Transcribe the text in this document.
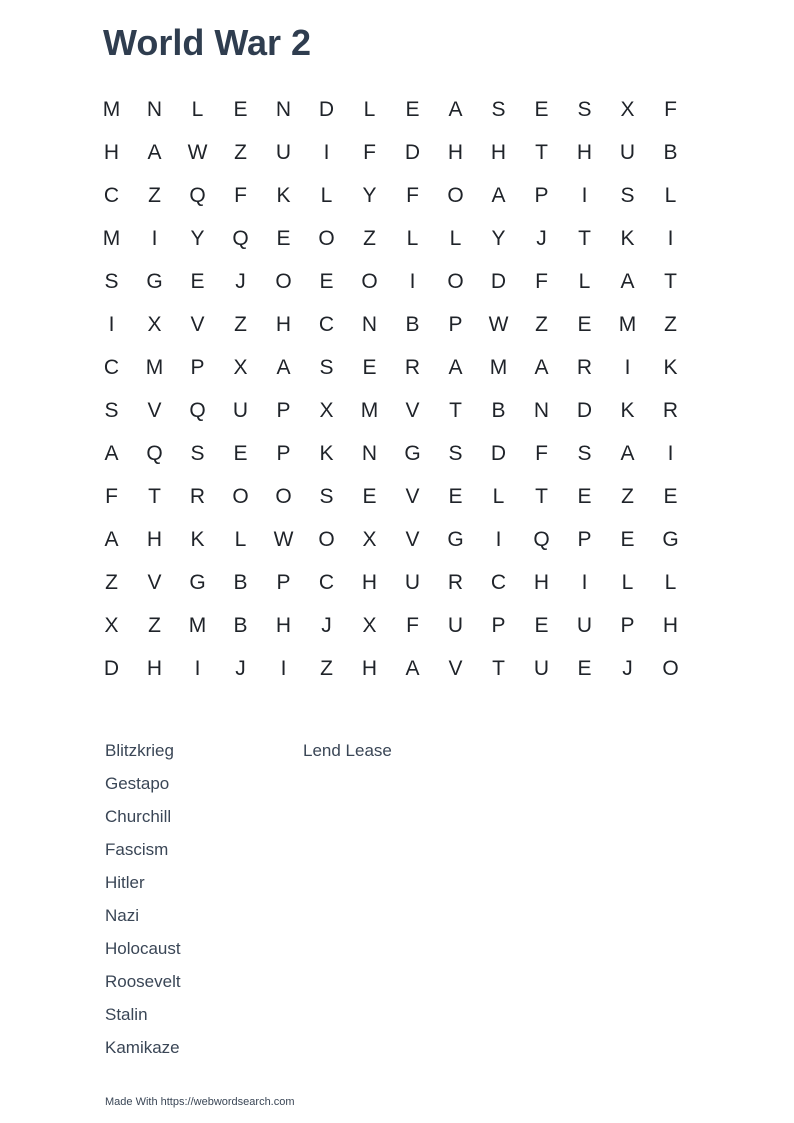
World War 2
M	N	L	E	N	D	L	E	A	S	E	S	X	F
H	A	W	Z	U	I	F	D	H	H	T	H	U	B
C	Z	Q	F	K	L	Y	F	O	A	P	I	S	L
M	I	Y	Q	E	O	Z	L	L	Y	J	T	K	I
S	G	E	J	O	E	O	I	O	D	F	L	A	T
I	X	V	Z	H	C	N	B	P	W	Z	E	M	Z
C	M	P	X	A	S	E	R	A	M	A	R	I	K
S	V	Q	U	P	X	M	V	T	B	N	D	K	R
A	Q	S	E	P	K	N	G	S	D	F	S	A	I
F	T	R	O	O	S	E	V	E	L	T	E	Z	E
A	H	K	L	W	O	X	V	G	I	Q	P	E	G
Z	V	G	B	P	C	H	U	R	C	H	I	L	L
X	Z	M	B	H	J	X	F	U	P	E	U	P	H
D	H	I	J	I	Z	H	A	V	T	U	E	J	O
Blitzkrieg
Gestapo
Churchill
Fascism
Hitler
Nazi
Holocaust
Roosevelt
Stalin
Kamikaze
Lend Lease
Made With https://webwordsearch.com
